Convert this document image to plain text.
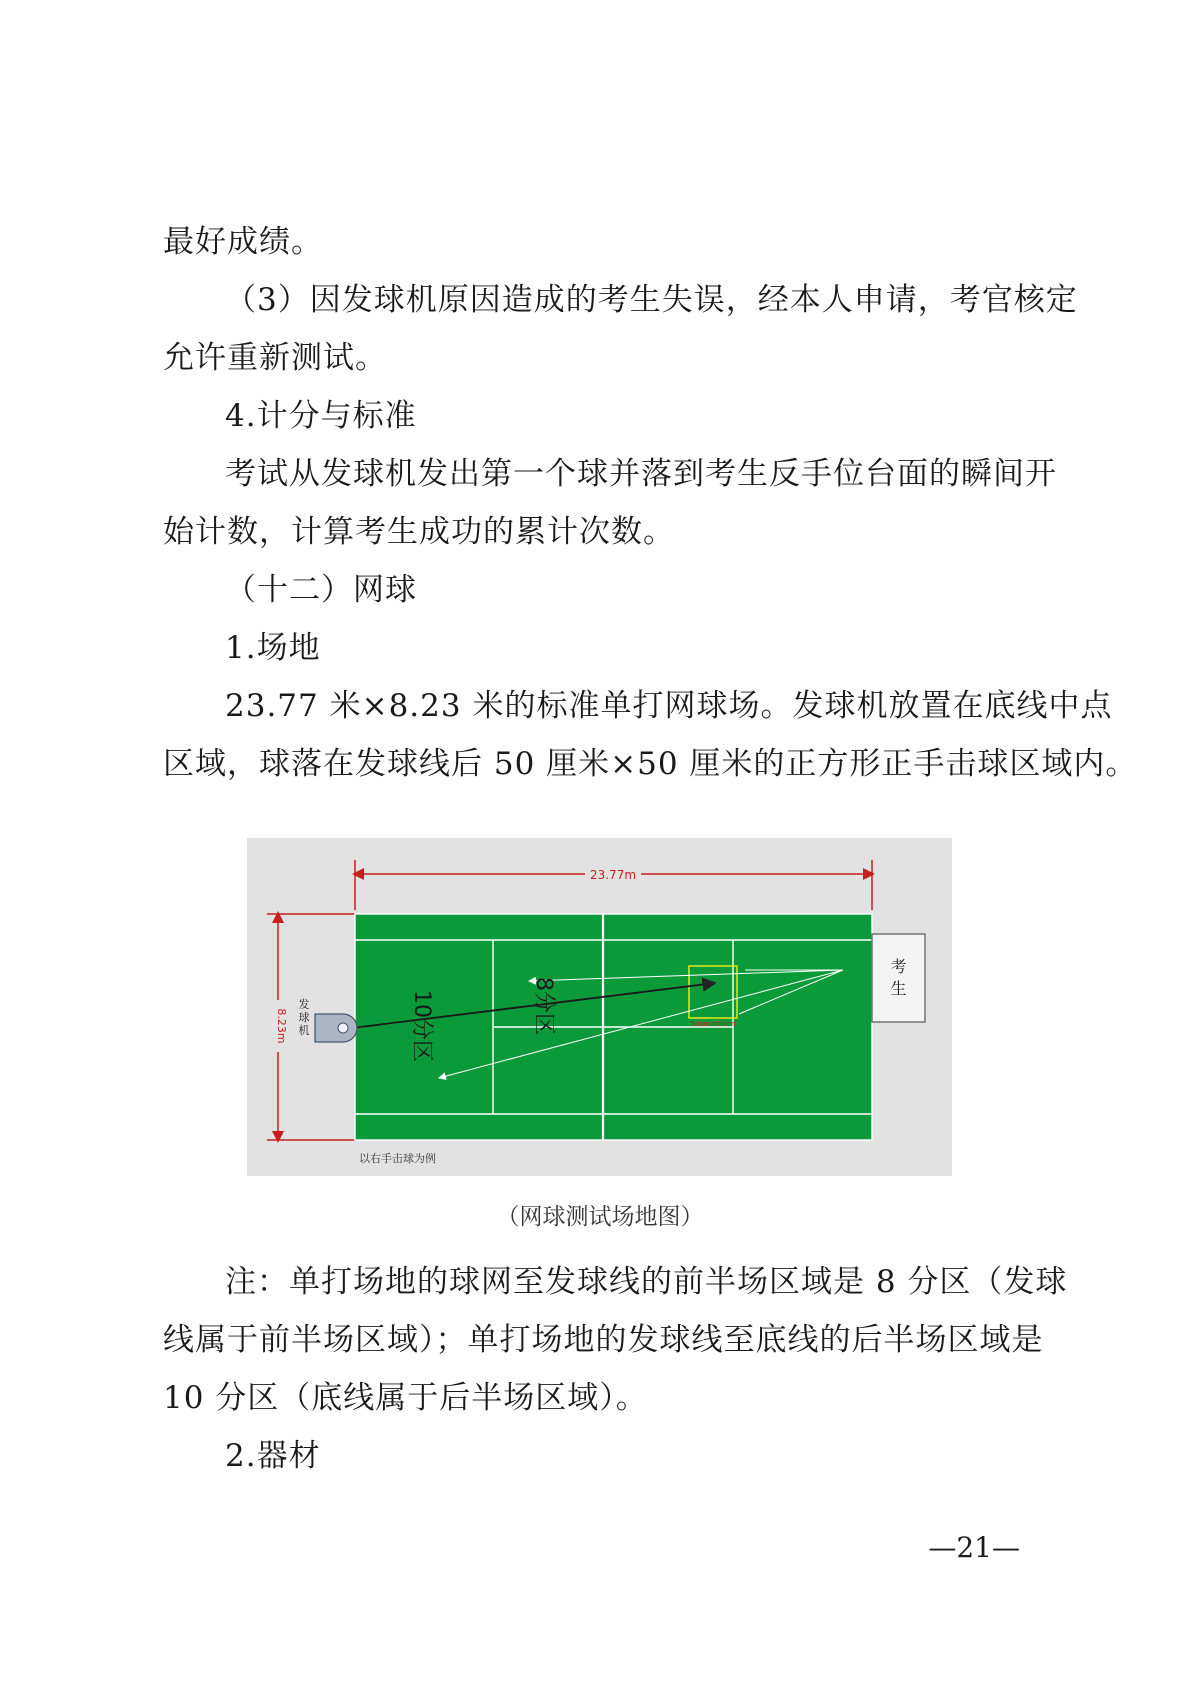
最好成绩。
（3）因发球机原因造成的考生失误，经本人申请，考官核定
允许重新测试。
4.计分与标准
考试从发球机发出第一个球并落到考生反手位台面的瞬间开
始计数，计算考生成功的累计次数。
（十二）网球
1.场地
23.77 米×8.23 米的标准单打网球场。发球机放置在底线中点
区域，球落在发球线后 50 厘米×50 厘米的正方形正手击球区域内。
23.77m
8.23m	50cm×50cm
10分区	8分区
以右手击球为例
发
球
机
考
生
（网球测试场地图）
注：单打场地的球网至发球线的前半场区域是 8 分区（发球
线属于前半场区域）；单打场地的发球线至底线的后半场区域是
10 分区（底线属于后半场区域）。
2.器材
—21—
